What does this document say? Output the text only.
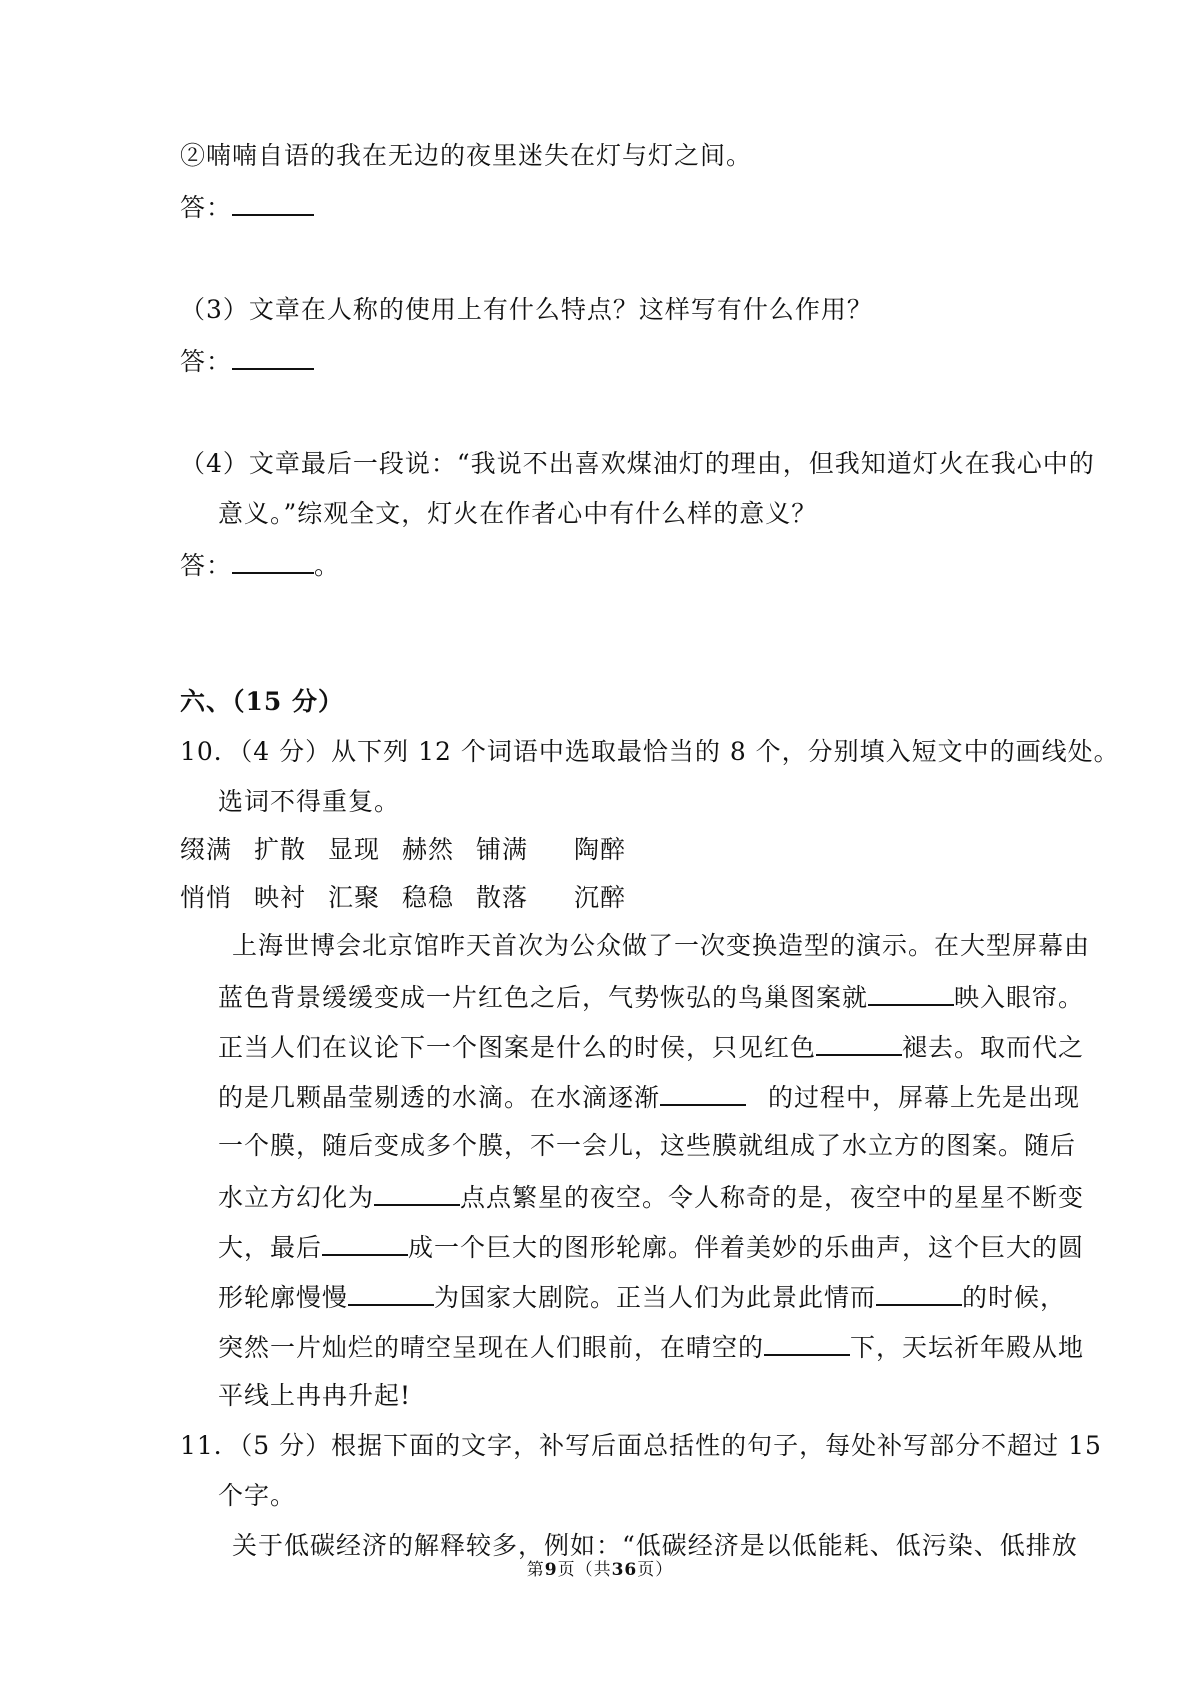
②喃喃自语的我在无边的夜里迷失在灯与灯之间。
答：
（3）文章在人称的使用上有什么特点？这样写有什么作用？
答：
（4）文章最后一段说：“我说不出喜欢煤油灯的理由，但我知道灯火在我心中的
意义。”综观全文，灯火在作者心中有什么样的意义？
答：	。
六、（15 分）
10．（4 分）从下列 12 个词语中选取最恰当的 8 个，分别填入短文中的画线处。
选词不得重复。
缀满 扩散 显现 赫然 铺满 陶醉
悄悄 映衬 汇聚 稳稳 散落 沉醉
上海世博会北京馆昨天首次为公众做了一次变换造型的演示。在大型屏幕由
蓝色背景缓缓变成一片红色之后，气势恢弘的鸟巢图案就	映入眼帘。
正当人们在议论下一个图案是什么的时侯，只见红色	褪去。取而代之
的是几颗晶莹剔透的水滴。在水滴逐渐	的过程中，屏幕上先是出现
一个膜，随后变成多个膜，不一会儿，这些膜就组成了水立方的图案。随后
水立方幻化为	点点繁星的夜空。令人称奇的是，夜空中的星星不断变
大，最后	成一个巨大的图形轮廓。伴着美妙的乐曲声，这个巨大的圆
形轮廓慢慢	为国家大剧院。正当人们为此景此情而	的时候，
突然一片灿烂的晴空呈现在人们眼前，在晴空的	下，天坛祈年殿从地
平线上冉冉升起!
11．（5 分）根据下面的文字，补写后面总括性的句子，每处补写部分不超过 15
个字。
关于低碳经济的解释较多，例如：“低碳经济是以低能耗、低污染、低排放
第9页（共36页）
